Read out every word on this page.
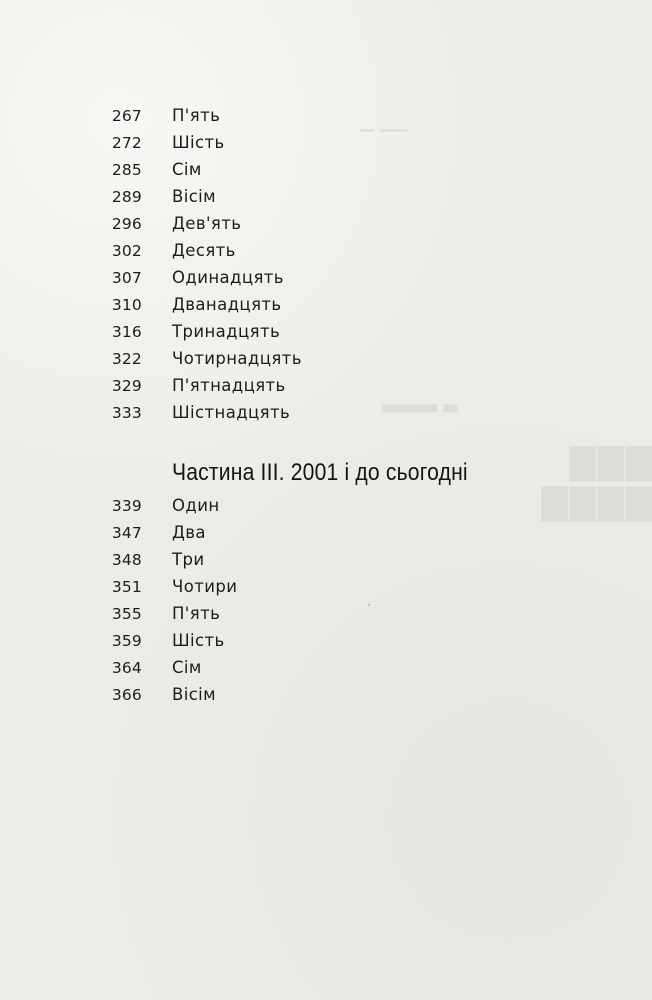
▔▔ ▔
▃▃▃▃ ▃
▇▇▇ ▇▇▇▇
267 П'ять
272 Шість
285 Сім
289 Вісім
296 Дев'ять
302 Десять
307 Одинадцять
310 Дванадцять
316 Тринадцять
322 Чотирнадцять
329 П'ятнадцять
333 Шістнадцять
Частина III. 2001 і до сьогодні
339 Один
347 Два
348 Три
351 Чотири
355 П'ять
359 Шість
364 Сім
366 Вісім
